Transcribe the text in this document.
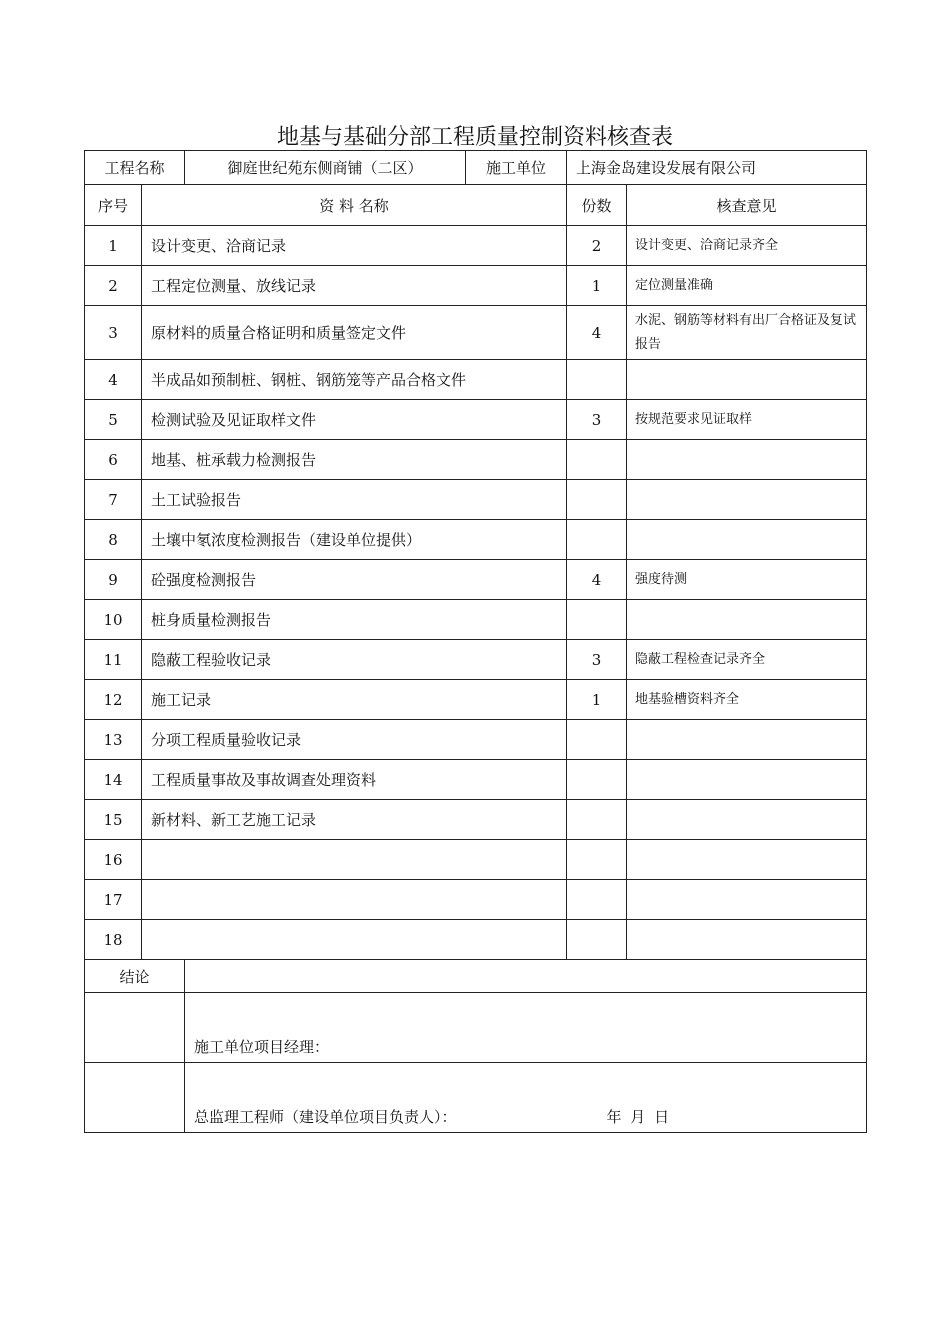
地基与基础分部工程质量控制资料核查表
工程名称		御庭世纪苑东侧商铺（二区）	施工单位	上海金岛建设发展有限公司	
序号	资 料 名称			份数	核查意见
1	设计变更、洽商记录			2	设计变更、洽商记录齐全
2	工程定位测量、放线记录			1	定位测量准确
3	原材料的质量合格证明和质量签定文件			4	水泥、钢筋等材料有出厂合格证及复试报告
4	半成品如预制桩、钢桩、钢筋笼等产品合格文件				
5	检测试验及见证取样文件			3	按规范要求见证取样
6	地基、桩承载力检测报告				
7	土工试验报告				
8	土壤中氡浓度检测报告（建设单位提供）				
9	砼强度检测报告			4	强度待测
10	桩身质量检测报告				
11	隐蔽工程验收记录			3	隐蔽工程检查记录齐全
12	施工记录			1	地基验槽资料齐全
13	分项工程质量验收记录				
14	工程质量事故及事故调查处理资料				
15	新材料、新工艺施工记录				
16					
17					
18					
结论					

		施工单位项目经理：			

		总监理工程师（建设单位项目负责人）： 年 月 日			
